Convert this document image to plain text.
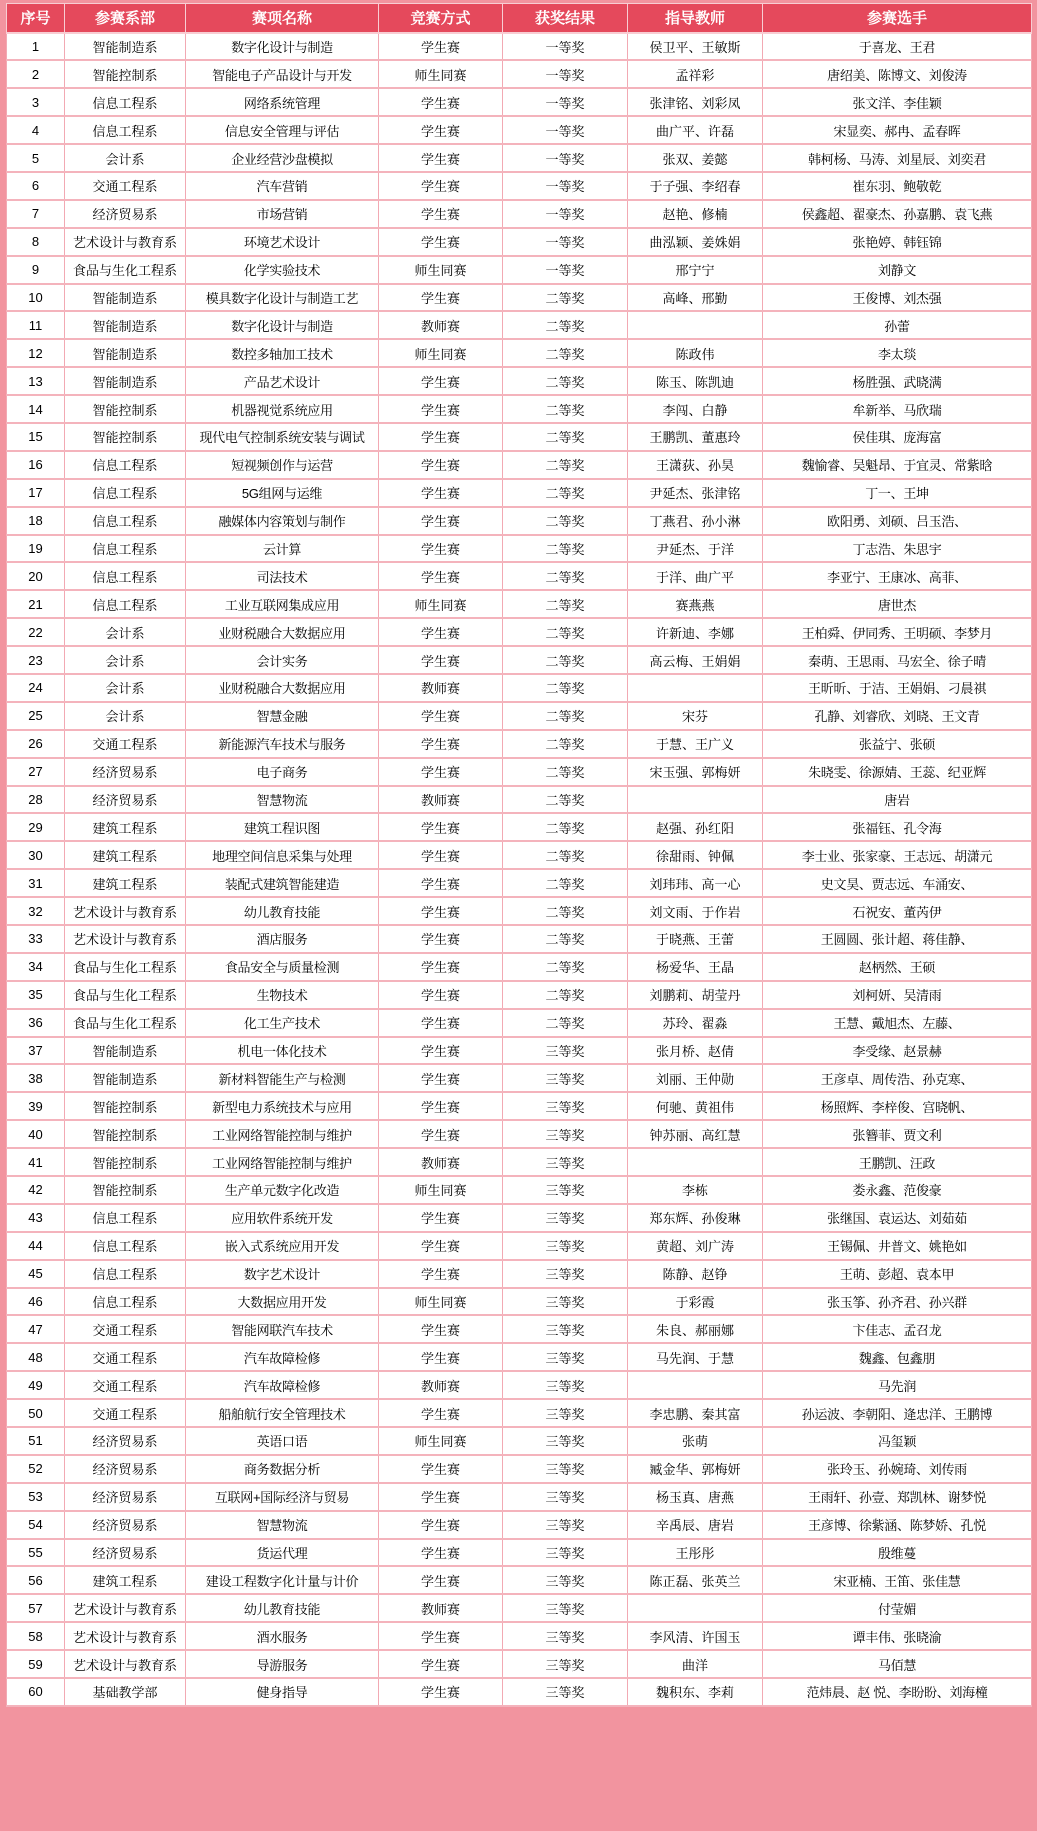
序号	参赛系部	赛项名称	竞赛方式	获奖结果	指导教师	参赛选手
1	智能制造系	数字化设计与制造	学生赛	一等奖	侯卫平、王敏斯	于喜龙、王君
2	智能控制系	智能电子产品设计与开发	师生同赛	一等奖	孟祥彩	唐绍美、陈博文、刘俊涛
3	信息工程系	网络系统管理	学生赛	一等奖	张津铭、刘彩凤	张文洋、李佳颖
4	信息工程系	信息安全管理与评估	学生赛	一等奖	曲广平、许磊	宋显奕、郝冉、孟春晖
5	会计系	企业经营沙盘模拟	学生赛	一等奖	张双、姜懿	韩柯杨、马涛、刘星辰、刘奕君
6	交通工程系	汽车营销	学生赛	一等奖	于子强、李绍春	崔东羽、鲍敬乾
7	经济贸易系	市场营销	学生赛	一等奖	赵艳、修楠	侯鑫超、翟豪杰、孙嘉鹏、袁飞燕
8	艺术设计与教育系	环境艺术设计	学生赛	一等奖	曲泓颖、姜姝娟	张艳婷、韩钰锦
9	食品与生化工程系	化学实验技术	师生同赛	一等奖	邢宁宁	刘静文
10	智能制造系	模具数字化设计与制造工艺	学生赛	二等奖	高峰、邢勤	王俊博、刘杰强
11	智能制造系	数字化设计与制造	教师赛	二等奖		孙蕾
12	智能制造系	数控多轴加工技术	师生同赛	二等奖	陈政伟	李太琰
13	智能制造系	产品艺术设计	学生赛	二等奖	陈玉、陈凯迪	杨胜强、武晓满
14	智能控制系	机器视觉系统应用	学生赛	二等奖	李闯、白静	牟新举、马欣瑞
15	智能控制系	现代电气控制系统安装与调试	学生赛	二等奖	王鹏凯、董惠玲	侯佳琪、庞海富
16	信息工程系	短视频创作与运营	学生赛	二等奖	王潇荻、孙昊	魏愉睿、吴魁昂、于宜灵、常紫晗
17	信息工程系	5G组网与运维	学生赛	二等奖	尹延杰、张津铭	丁一、王坤
18	信息工程系	融媒体内容策划与制作	学生赛	二等奖	丁燕君、孙小淋	欧阳勇、刘硕、吕玉浩、
19	信息工程系	云计算	学生赛	二等奖	尹延杰、于洋	丁志浩、朱思宇
20	信息工程系	司法技术	学生赛	二等奖	于洋、曲广平	李亚宁、王康冰、高菲、
21	信息工程系	工业互联网集成应用	师生同赛	二等奖	赛燕燕	唐世杰
22	会计系	业财税融合大数据应用	学生赛	二等奖	许新迪、李娜	王柏舜、伊同秀、王明硕、李梦月
23	会计系	会计实务	学生赛	二等奖	高云梅、王娟娟	秦萌、王思雨、马宏全、徐子晴
24	会计系	业财税融合大数据应用	教师赛	二等奖		王昕昕、于洁、王娟娟、刁晨祺
25	会计系	智慧金融	学生赛	二等奖	宋芬	孔静、刘睿欣、刘晓、王文青
26	交通工程系	新能源汽车技术与服务	学生赛	二等奖	于慧、王广义	张益宁、张硕
27	经济贸易系	电子商务	学生赛	二等奖	宋玉强、郭梅妍	朱晓雯、徐源婧、王蕊、纪亚辉
28	经济贸易系	智慧物流	教师赛	二等奖		唐岩
29	建筑工程系	建筑工程识图	学生赛	二等奖	赵强、孙红阳	张福钰、孔令海
30	建筑工程系	地理空间信息采集与处理	学生赛	二等奖	徐甜雨、钟佩	李士业、张家豪、王志远、胡潇元
31	建筑工程系	装配式建筑智能建造	学生赛	二等奖	刘玮玮、高一心	史文昊、贾志远、车涌安、
32	艺术设计与教育系	幼儿教育技能	学生赛	二等奖	刘文雨、于作岩	石祝安、董芮伊
33	艺术设计与教育系	酒店服务	学生赛	二等奖	于晓燕、王蕾	王圆圆、张计超、蒋佳静、
34	食品与生化工程系	食品安全与质量检测	学生赛	二等奖	杨爱华、王晶	赵柄然、王硕
35	食品与生化工程系	生物技术	学生赛	二等奖	刘鹏莉、胡莹丹	刘柯妍、吴清雨
36	食品与生化工程系	化工生产技术	学生赛	二等奖	苏玲、翟淼	王慧、戴旭杰、左藤、
37	智能制造系	机电一体化技术	学生赛	三等奖	张月桥、赵倩	李受缘、赵景赫
38	智能制造系	新材料智能生产与检测	学生赛	三等奖	刘丽、王仲勋	王彦卓、周传浩、孙克寒、
39	智能控制系	新型电力系统技术与应用	学生赛	三等奖	何驰、黄祖伟	杨照辉、李梓俊、宫晓帆、
40	智能控制系	工业网络智能控制与维护	学生赛	三等奖	钟苏丽、高红慧	张簪菲、贾文利
41	智能控制系	工业网络智能控制与维护	教师赛	三等奖		王鹏凯、汪政
42	智能控制系	生产单元数字化改造	师生同赛	三等奖	李栋	娄永鑫、范俊豪
43	信息工程系	应用软件系统开发	学生赛	三等奖	郑东辉、孙俊琳	张继国、袁运达、刘茹茹
44	信息工程系	嵌入式系统应用开发	学生赛	三等奖	黄超、刘广涛	王锡佩、井普文、姚艳如
45	信息工程系	数字艺术设计	学生赛	三等奖	陈静、赵铮	王萌、彭超、袁本甲
46	信息工程系	大数据应用开发	师生同赛	三等奖	于彩霞	张玉筝、孙齐君、孙兴群
47	交通工程系	智能网联汽车技术	学生赛	三等奖	朱良、郝丽娜	卞佳志、孟召龙
48	交通工程系	汽车故障检修	学生赛	三等奖	马先润、于慧	魏鑫、包鑫朋
49	交通工程系	汽车故障检修	教师赛	三等奖		马先润
50	交通工程系	船舶航行安全管理技术	学生赛	三等奖	李忠鹏、秦其富	孙运波、李朝阳、逄忠洋、王鹏博
51	经济贸易系	英语口语	师生同赛	三等奖	张萌	冯玺颖
52	经济贸易系	商务数据分析	学生赛	三等奖	臧金华、郭梅妍	张玲玉、孙婉琦、刘传雨
53	经济贸易系	互联网+国际经济与贸易	学生赛	三等奖	杨玉真、唐燕	王雨轩、孙壹、郑凯林、谢梦悦
54	经济贸易系	智慧物流	学生赛	三等奖	辛禹辰、唐岩	王彦博、徐紫涵、陈梦娇、孔悦
55	经济贸易系	货运代理	学生赛	三等奖	王彤彤	殷维蔓
56	建筑工程系	建设工程数字化计量与计价	学生赛	三等奖	陈正磊、张英兰	宋亚楠、王笛、张佳慧
57	艺术设计与教育系	幼儿教育技能	教师赛	三等奖		付莹媚
58	艺术设计与教育系	酒水服务	学生赛	三等奖	李风清、许国玉	谭丰伟、张晓渝
59	艺术设计与教育系	导游服务	学生赛	三等奖	曲洋	马佰慧
60	基础教学部	健身指导	学生赛	三等奖	魏积东、李莉	范炜晨、赵 悦、李盼盼、刘海橦
